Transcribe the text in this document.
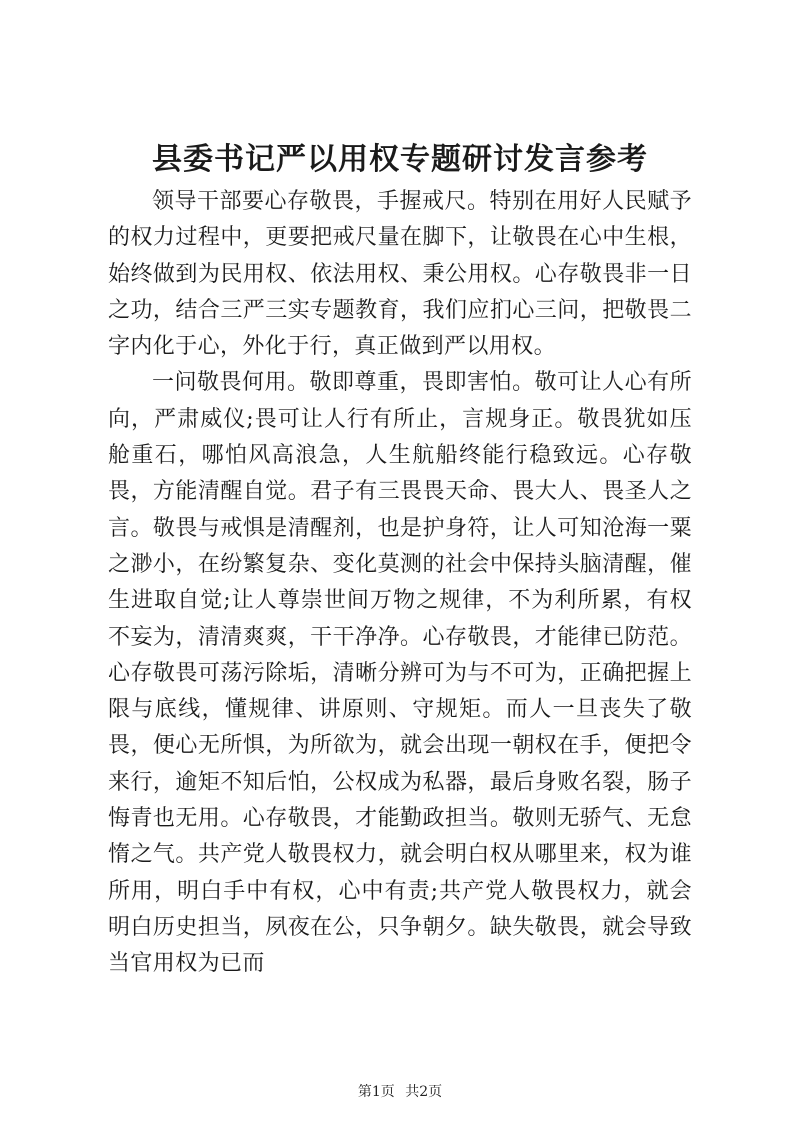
县委书记严以用权专题研讨发言参考

领导干部要心存敬畏，手握戒尺。特别在用好人民赋予的权力过程中，更要把戒尺量在脚下，让敬畏在心中生根，始终做到为民用权、依法用权、秉公用权。心存敬畏非一日之功，结合三严三实专题教育，我们应扪心三问，把敬畏二字内化于心，外化于行，真正做到严以用权。

一问敬畏何用。敬即尊重，畏即害怕。敬可让人心有所向，严肃威仪;畏可让人行有所止，言规身正。敬畏犹如压舱重石，哪怕风高浪急，人生航船终能行稳致远。心存敬畏，方能清醒自觉。君子有三畏畏天命、畏大人、畏圣人之言。敬畏与戒惧是清醒剂，也是护身符，让人可知沧海一粟之渺小，在纷繁复杂、变化莫测的社会中保持头脑清醒，催生进取自觉;让人尊崇世间万物之规律，不为利所累，有权不妄为，清清爽爽，干干净净。心存敬畏，才能律已防范。心存敬畏可荡污除垢，清晰分辨可为与不可为，正确把握上限与底线，懂规律、讲原则、守规矩。而人一旦丧失了敬畏，便心无所惧，为所欲为，就会出现一朝权在手，便把令来行，逾矩不知后怕，公权成为私器，最后身败名裂，肠子悔青也无用。心存敬畏，才能勤政担当。敬则无骄气、无怠惰之气。共产党人敬畏权力，就会明白权从哪里来，权为谁所用，明白手中有权，心中有责;共产党人敬畏权力，就会明白历史担当，夙夜在公，只争朝夕。缺失敬畏，就会导致当官用权为已而

第1页 共2页
